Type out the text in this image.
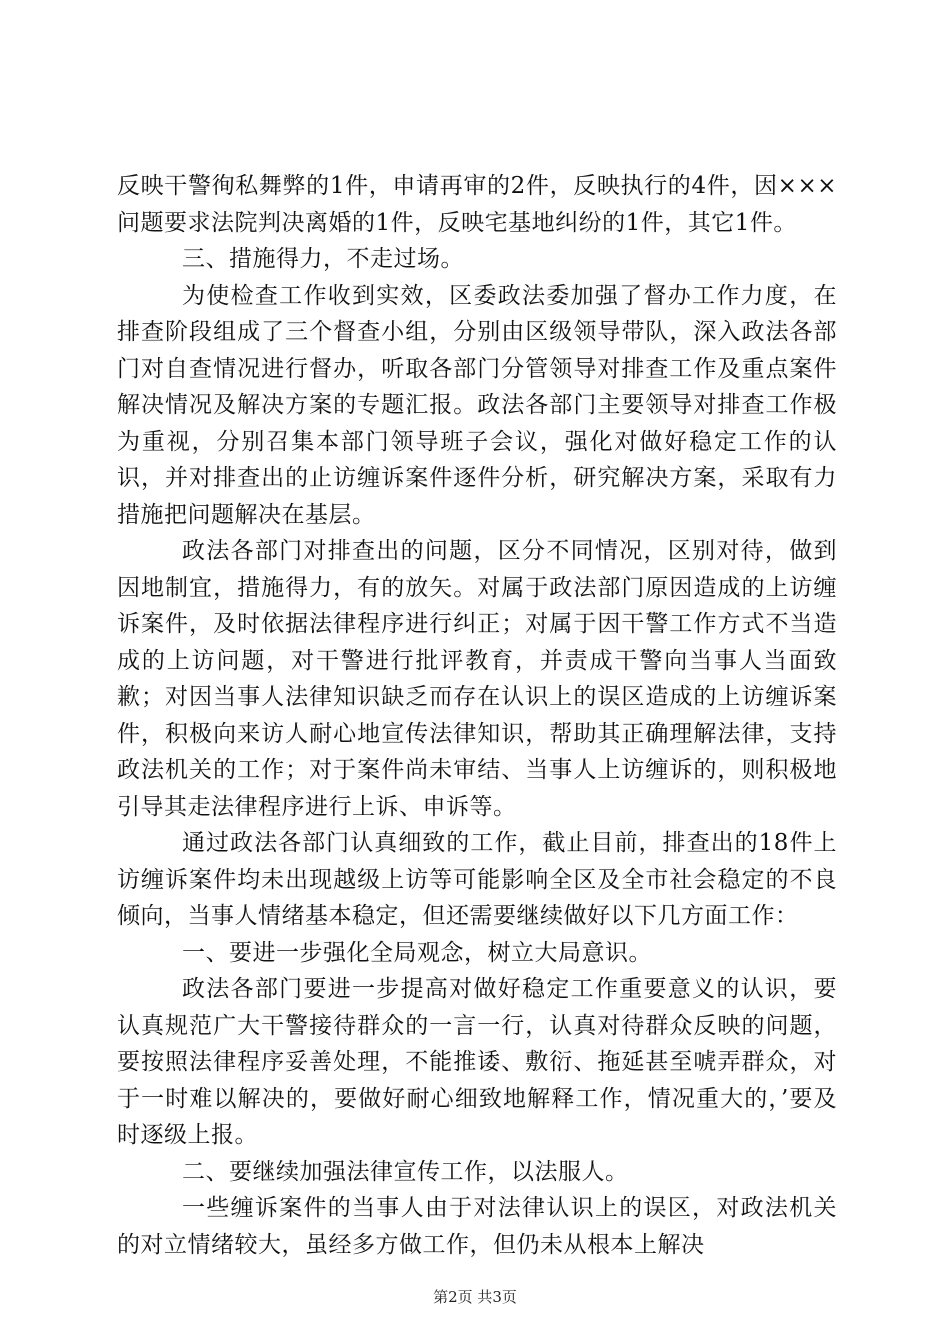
反映干警徇私舞弊的1件，申请再审的2件，反映执行的4件，因×××问题要求法院判决离婚的1件，反映宅基地纠纷的1件，其它1件。

三、措施得力，不走过场。

为使检查工作收到实效，区委政法委加强了督办工作力度，在排查阶段组成了三个督查小组，分别由区级领导带队，深入政法各部门对自查情况进行督办，听取各部门分管领导对排查工作及重点案件解决情况及解决方案的专题汇报。政法各部门主要领导对排查工作极为重视，分别召集本部门领导班子会议，强化对做好稳定工作的认识，并对排查出的止访缠诉案件逐件分析，研究解决方案，采取有力措施把问题解决在基层。

政法各部门对排查出的问题，区分不同情况，区别对待，做到因地制宜，措施得力，有的放矢。对属于政法部门原因造成的上访缠诉案件，及时依据法律程序进行纠正；对属于因干警工作方式不当造成的上访问题，对干警进行批评教育，并责成干警向当事人当面致歉；对因当事人法律知识缺乏而存在认识上的误区造成的上访缠诉案件，积极向来访人耐心地宣传法律知识，帮助其正确理解法律，支持政法机关的工作；对于案件尚未审结、当事人上访缠诉的，则积极地引导其走法律程序进行上诉、申诉等。

通过政法各部门认真细致的工作，截止目前，排查出的18件上访缠诉案件均未出现越级上访等可能影响全区及全市社会稳定的不良倾向，当事人情绪基本稳定，但还需要继续做好以下几方面工作：

一、要进一步强化全局观念，树立大局意识。

政法各部门要进一步提高对做好稳定工作重要意义的认识，要认真规范广大干警接待群众的一言一行，认真对待群众反映的问题，要按照法律程序妥善处理，不能推诿、敷衍、拖延甚至唬弄群众，对于一时难以解决的，要做好耐心细致地解释工作，情况重大的，’要及时逐级上报。

二、要继续加强法律宣传工作，以法服人。

一些缠诉案件的当事人由于对法律认识上的误区，对政法机关的对立情绪较大，虽经多方做工作，但仍未从根本上解决

第2页 共3页
